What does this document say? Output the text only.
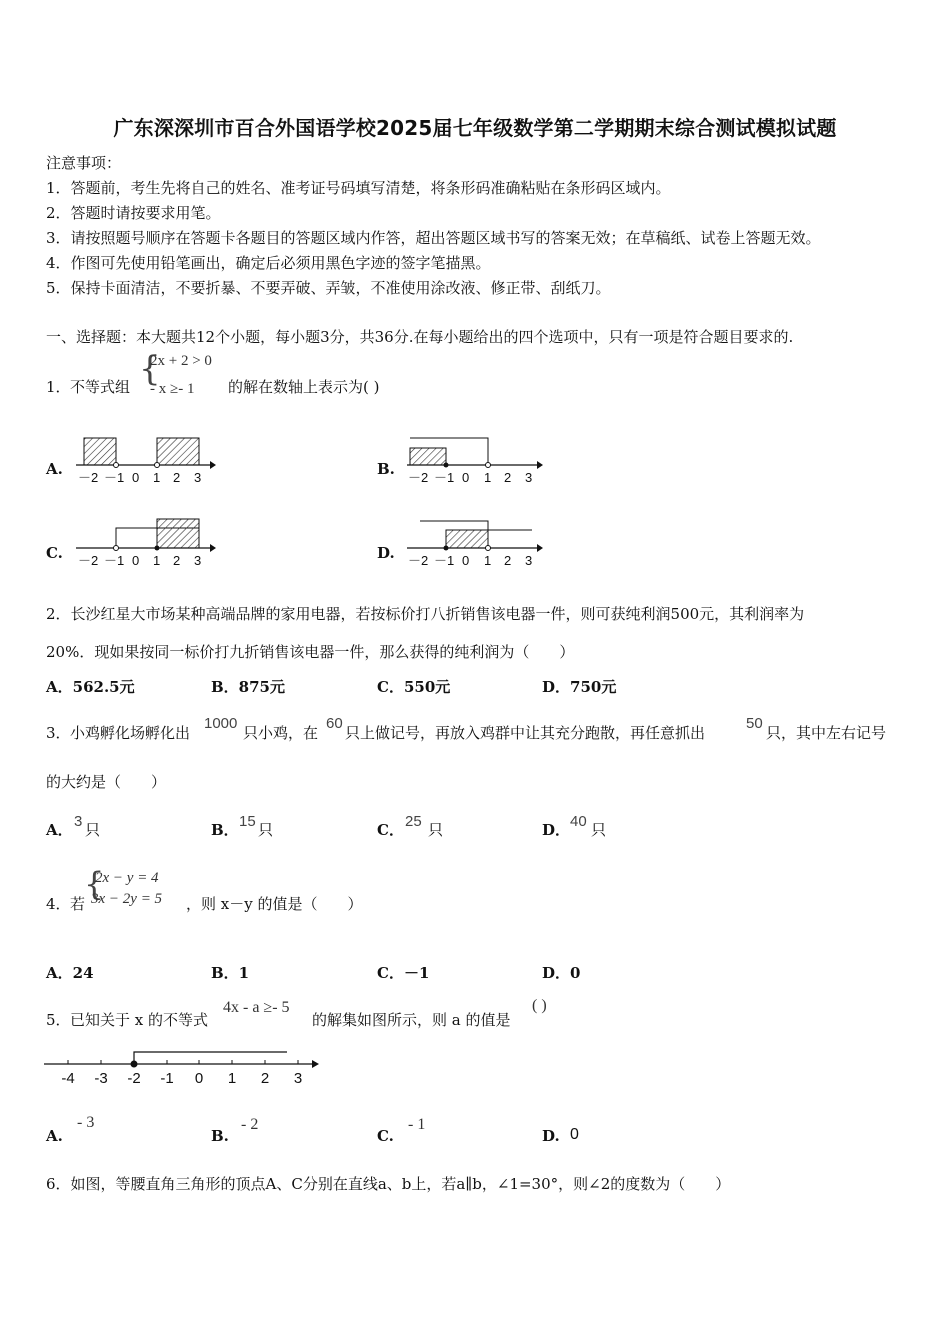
广东深深圳市百合外国语学校2025届七年级数学第二学期期末综合测试模拟试题
注意事项：
1．答题前，考生先将自己的姓名、准考证号码填写清楚，将条形码准确粘贴在条形码区域内。
2．答题时请按要求用笔。
3．请按照题号顺序在答题卡各题目的答题区域内作答，超出答题区域书写的答案无效；在草稿纸、试卷上答题无效。
4．作图可先使用铅笔画出，确定后必须用黑色字迹的签字笔描黑。
5．保持卡面清洁，不要折暴、不要弄破、弄皱，不准使用涂改液、修正带、刮纸刀。
一、选择题：本大题共12个小题，每小题3分，共36分.在每小题给出的四个选项中，只有一项是符合题目要求的.
1． 不等式组 {
2x + 2 > 0
- x ≥- 1 的解在数轴上表示为( )
A.	B.
C.	D.
－2 －1 0 1 2 3	－2 －1 0 1 2 3
－2 －1 0 1 2 3	－2 －1 0 1 2 3
2．长沙红星大市场某种高端品牌的家用电器，若按标价打八折销售该电器一件，则可获纯利润500元，其利润率为
20%．现如果按同一标价打九折销售该电器一件，那么获得的纯利润为（　　）
A．562.5元	B．875元	C．550元	D．750元
3． 小鸡孵化场孵化出
1000
只小鸡，在
60
只上做记号，再放入鸡群中让其充分跑散，再任意抓出
50
只，其中左右记号
的大约是（　　）
A． 3 只	B． 15 只	C． 25 只	D． 40 只
4． 若
{
2x − y = 4
3x − 2y = 5 ，则 x－y 的值是（　　）
A．24	B．1	C．－1	D．0
5． 已知关于 x 的不等式
4x - a ≥- 5
的解集如图所示，则 a 的值是
( )
-4 -3 -2 -1 0 1 2 3
A.
- 3
B.
- 2
C.
- 1
D. 0
6．如图，等腰直角三角形的顶点A、C分别在直线a、b上，若a∥b，∠1=30°，则∠2的度数为（　　）
